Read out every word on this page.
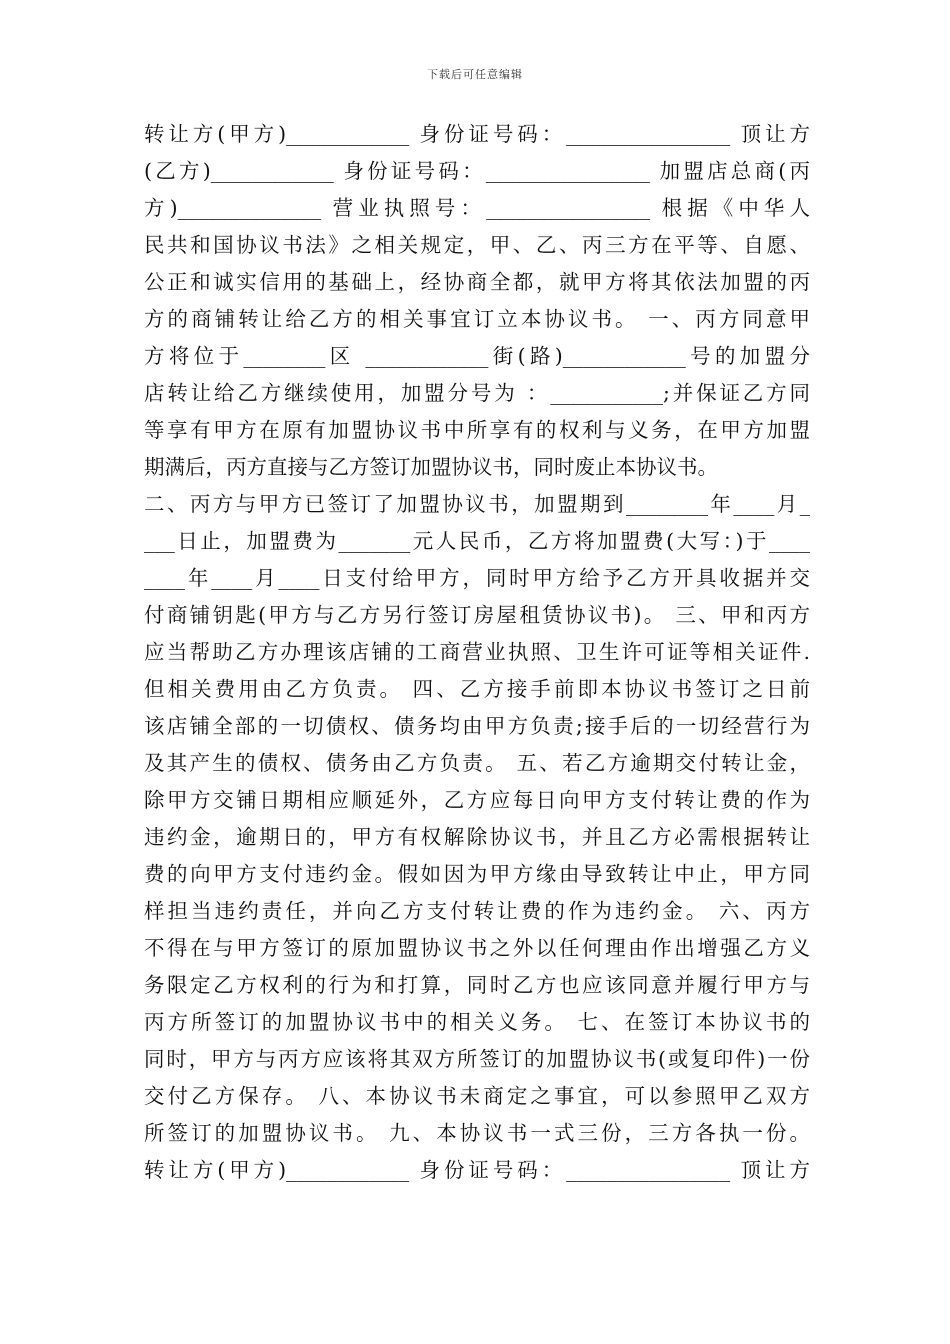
下载后可任意编辑
转让方(甲方)____________ 身份证号码：________________ 顶让方
(乙方)____________ 身份证号码：________________ 加盟店总商(丙
方)______________ 营业执照号：________________ 根据《中华人
民共和国协议书法》之相关规定，甲、乙、丙三方在平等、自愿、
公正和诚实信用的基础上，经协商全都，就甲方将其依法加盟的丙
方的商铺转让给乙方的相关事宜订立本协议书。 一、丙方同意甲
方将位于________区 ____________街(路)____________号的加盟分
店转让给乙方继续使用，加盟分号为 ：___________;并保证乙方同
等享有甲方在原有加盟协议书中所享有的权利与义务，在甲方加盟
期满后，丙方直接与乙方签订加盟协议书，同时废止本协议书。
二、丙方与甲方已签订了加盟协议书，加盟期到________年____月_
___日止，加盟费为_______元人民币，乙方将加盟费(大写：)于____
____年____月____日支付给甲方，同时甲方给予乙方开具收据并交
付商铺钥匙(甲方与乙方另行签订房屋租赁协议书)。 三、甲和丙方
应当帮助乙方办理该店铺的工商营业执照、卫生许可证等相关证件.
但相关费用由乙方负责。 四、乙方接手前即本协议书签订之日前
该店铺全部的一切债权、债务均由甲方负责;接手后的一切经营行为
及其产生的债权、债务由乙方负责。 五、若乙方逾期交付转让金，
除甲方交铺日期相应顺延外，乙方应每日向甲方支付转让费的作为
违约金，逾期日的，甲方有权解除协议书，并且乙方必需根据转让
费的向甲方支付违约金。假如因为甲方缘由导致转让中止，甲方同
样担当违约责任，并向乙方支付转让费的作为违约金。 六、丙方
不得在与甲方签订的原加盟协议书之外以任何理由作出增强乙方义
务限定乙方权利的行为和打算，同时乙方也应该同意并履行甲方与
丙方所签订的加盟协议书中的相关义务。 七、在签订本协议书的
同时，甲方与丙方应该将其双方所签订的加盟协议书(或复印件)一份
交付乙方保存。 八、本协议书未商定之事宜，可以参照甲乙双方
所签订的加盟协议书。 九、本协议书一式三份，三方各执一份。
转让方(甲方)____________ 身份证号码：________________ 顶让方
